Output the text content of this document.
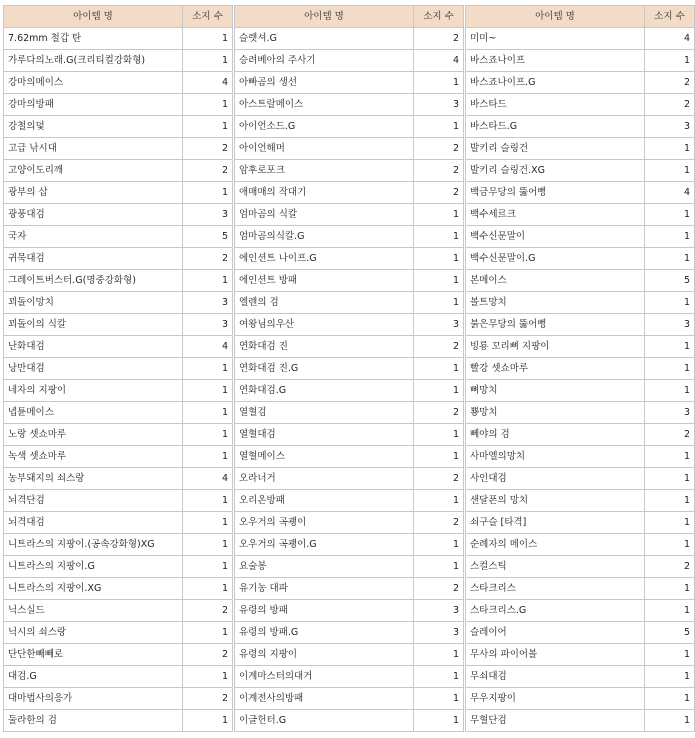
아이템 명	소지 수		아이템 명	소지 수		아이템 명	소지 수
7.62mm 철갑 탄	1		슬렛셔.G	2		미미~	4
가루다의노래.G(크리티컬강화형)	1		승려베아의 주사기	4		바스죠나이프	1
강마의메이스	4		아빠곰의 생선	1		바스죠나이프.G	2
강마의방패	1		아스트랄메이스	3		바스타드	2
강철의덫	1		아이언소드.G	1		바스타드.G	3
고급 낚시대	2		아이언해머	2		발키리 슬링건	1
고양이도리깨	2		암후로포크	2		발키리 슬링건.XG	1
광부의 삽	1		애매매의 작대기	2		백금무당의 뚫어뻥	4
광풍대검	3		엄마곰의 식칼	1		백수세르크	1
국자	5		엄마곰의식칼.G	1		백수신문말이	1
귀묵대검	2		에인션트 나이프.G	1		백수신문말이.G	1
그레이트버스터.G(명중강화형)	1		에인션트 방패	1		본메이스	5
꾀돌이망치	3		엘렌의 검	1		볼트망치	1
꾀돌이의 식칼	3		여왕님의우산	3		붉은무당의 뚫어뻥	3
난화대검	4		연화대검 진	2		빙룡 꼬리뼈 지팡이	1
낭만대검	1		연화대검 진.G	1		빨강 셋쇼마루	1
네자의 지팡이	1		연화대검.G	1		뼈망치	1
넵튠메이스	1		열혈검	2		뿅망치	3
노랑 셋쇼마루	1		열혈대검	1		뻬야의 검	2
녹색 셋쇼마루	1		열혈메이스	1		사마엘의망치	1
농부돼지의 쇠스랑	4		오라너거	2		사인대검	1
뇌격단검	1		오리온방패	1		샌달폰의 망치	1
뇌격대검	1		오우거의 곡괭이	2		쇠구슬 [타격]	1
니트라스의 지팡이.(공속강화형)XG	1		오우거의 곡괭이.G	1		순례자의 메이스	1
니트라스의 지팡이.G	1		요술봉	1		스컬스틱	2
니트라스의 지팡이.XG	1		유기농 대파	2		스타크리스	1
닉스실드	2		유령의 방패	3		스타크리스.G	1
닉시의 쇠스랑	1		유령의 방패.G	3		슬레이어	5
단단한빼빼로	2		유령의 지팡이	1		무사의 파이어볼	1
대검.G	1		이계마스터의대거	1		무쇠대검	1
대마법사의응가	2		이계전사의방패	1		무우지팡이	1
둘라한의 검	1		이글헌터.G	1		무혈단검	1
